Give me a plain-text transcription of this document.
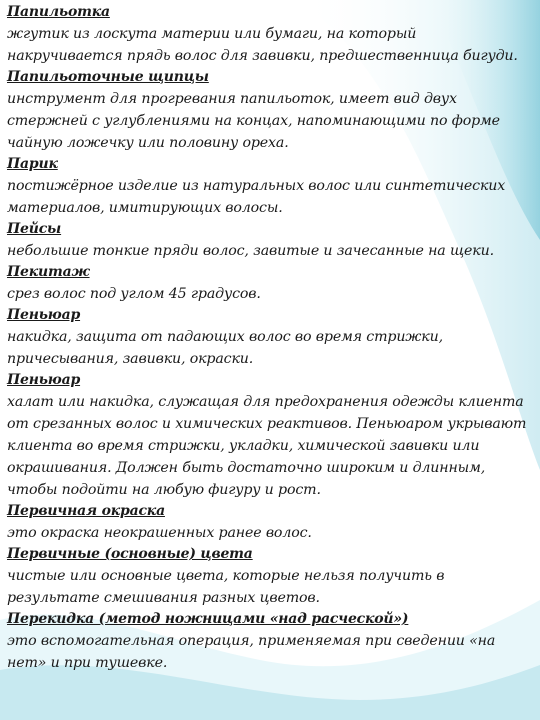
Папильотка
жгутик из лоскута материи или бумаги, на который накручивается прядь волос для завивки, предшественница бигуди.
Папильоточные щипцы
инструмент для прогревания папильоток, имеет вид двух стержней с углублениями на концах, напоминающими по форме чайную ложечку или половину ореха.
Парик
постижёрное изделие из натуральных волос или синтетических материалов, имитирующих волосы.
Пейсы
небольшие тонкие пряди волос, завитые и зачесанные на щеки.
Пекитаж
срез волос под углом 45 градусов.
Пеньюар
накидка, защита от падающих волос во время стрижки, причесывания, завивки, окраски.
Пеньюар
халат или накидка, служащая для предохранения одежды клиента от срезанных волос и химических реактивов. Пеньюаром укрывают клиента во время стрижки, укладки, химической завивки или окрашивания. Должен быть достаточно широким и длинным, чтобы подойти на любую фигуру и рост.
Первичная окраска
это окраска неокрашенных ранее волос.
Первичные (основные) цвета
чистые или основные цвета, которые нельзя получить в результате смешивания разных цветов.
Перекидка (метод ножницами «над расческой»)
это вспомогательная операция, применяемая при сведении «на нет» и при тушевке.
